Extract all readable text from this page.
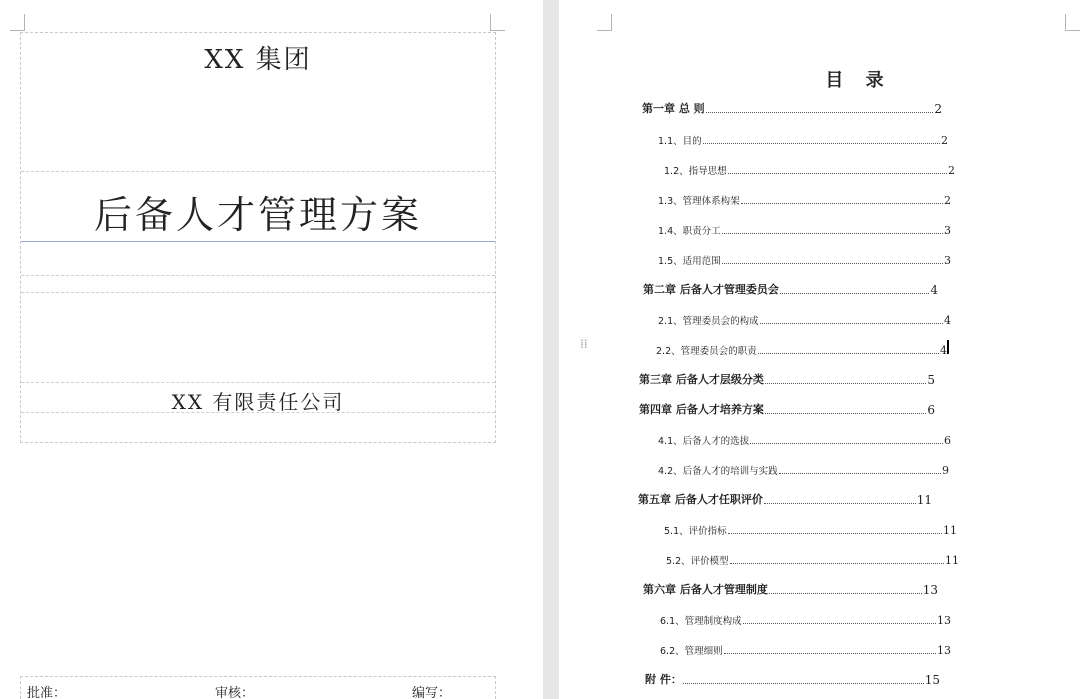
XX 集团
后备人才管理方案
XX 有限责任公司
批准：	审核：	编写：
目 录
⁞⁞
第一章 总 则	2
1.1、目的	2
1.2、指导思想	2
1.3、管理体系构架	2
1.4、职责分工	3
1.5、适用范围	3
第二章 后备人才管理委员会	4
2.1、管理委员会的构成	4
2.2、管理委员会的职责	4
第三章 后备人才层级分类	5
第四章 后备人才培养方案	6
4.1、后备人才的选拔	6
4.2、后备人才的培训与实践	9
第五章 后备人才任职评价	11
5.1、评价指标	11
5.2、评价模型	11
第六章 后备人才管理制度	13
6.1、管理制度构成	13
6.2、管理细则	13
附 件：	15
